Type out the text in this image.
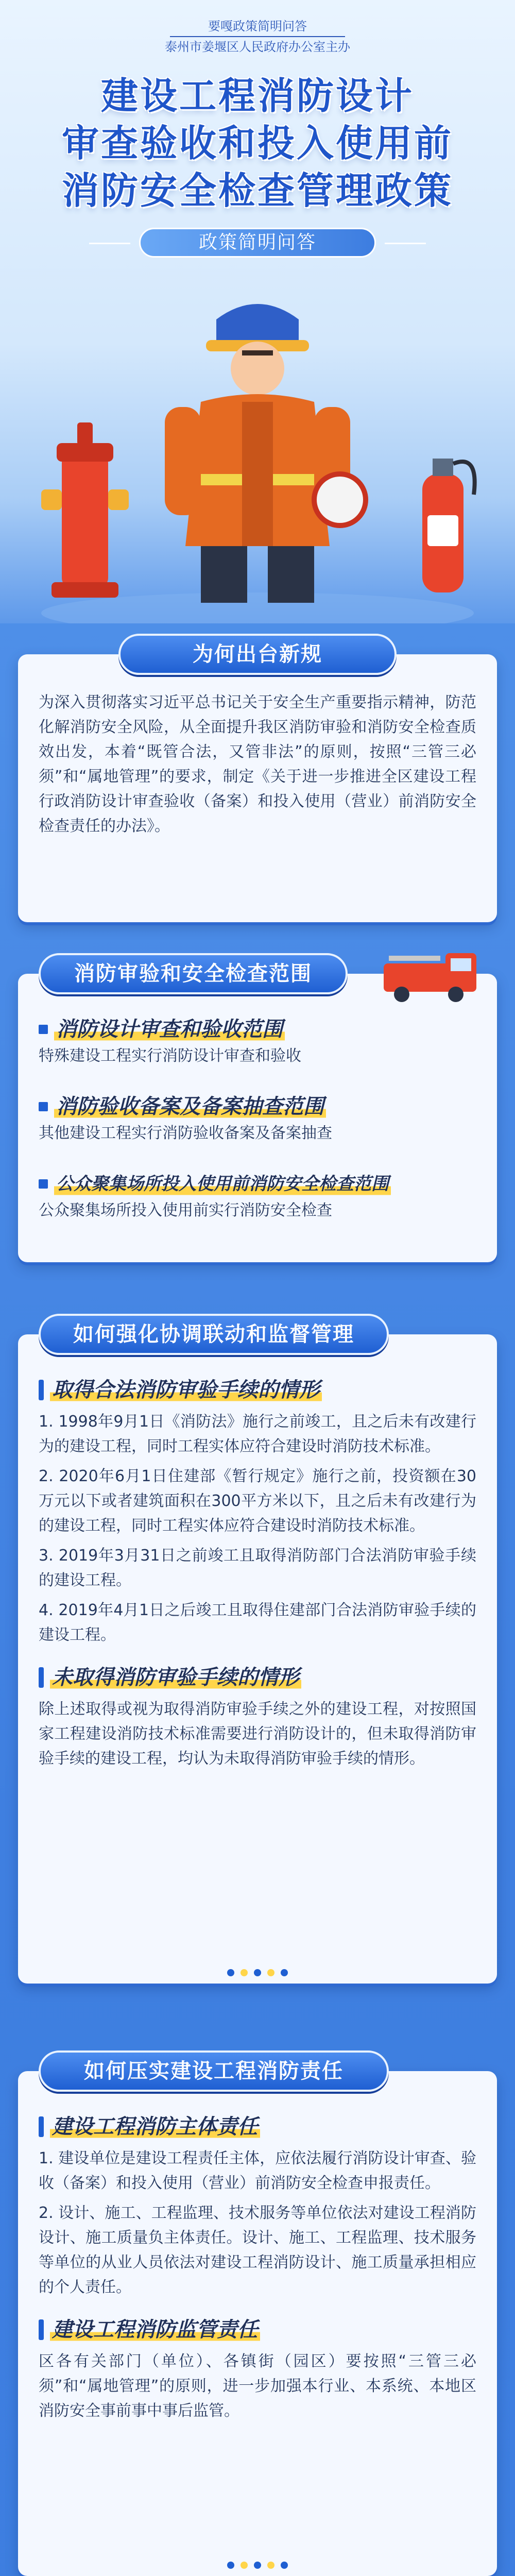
要嘎政策简明问答
泰州市姜堰区人民政府办公室主办
建设工程消防设计
审查验收和投入使用前
消防安全检查管理政策
政策简明问答
为何出台新规
为深入贯彻落实习近平总书记关于安全生产重要指示精神，防范化解消防安全风险，从全面提升我区消防审验和消防安全检查质效出发，本着“既管合法，又管非法”的原则，按照“三管三必须”和“属地管理”的要求，制定《关于进一步推进全区建设工程行政消防设计审查验收（备案）和投入使用（营业）前消防安全检查责任的办法》。
消防审验和安全检查范围
消防设计审查和验收范围
特殊建设工程实行消防设计审查和验收
消防验收备案及备案抽查范围
其他建设工程实行消防验收备案及备案抽查
公众聚集场所投入使用前消防安全检查范围
公众聚集场所投入使用前实行消防安全检查
如何强化协调联动和监督管理
取得合法消防审验手续的情形
1. 1998年9月1日《消防法》施行之前竣工，且之后未有改建行为的建设工程，同时工程实体应符合建设时消防技术标准。
2. 2020年6月1日住建部《暂行规定》施行之前，投资额在30万元以下或者建筑面积在300平方米以下，且之后未有改建行为的建设工程，同时工程实体应符合建设时消防技术标准。
3. 2019年3月31日之前竣工且取得消防部门合法消防审验手续的建设工程。
4. 2019年4月1日之后竣工且取得住建部门合法消防审验手续的建设工程。
未取得消防审验手续的情形
除上述取得或视为取得消防审验手续之外的建设工程，对按照国家工程建设消防技术标准需要进行消防设计的，但未取得消防审验手续的建设工程，均认为未取得消防审验手续的情形。
如何压实建设工程消防责任
建设工程消防主体责任
1. 建设单位是建设工程责任主体，应依法履行消防设计审查、验收（备案）和投入使用（营业）前消防安全检查申报责任。
2. 设计、施工、工程监理、技术服务等单位依法对建设工程消防设计、施工质量负主体责任。设计、施工、工程监理、技术服务等单位的从业人员依法对建设工程消防设计、施工质量承担相应的个人责任。
建设工程消防监管责任
区各有关部门（单位）、各镇街（园区）要按照“三管三必须”和“属地管理”的原则，进一步加强本行业、本系统、本地区消防安全事前事中事后监管。
